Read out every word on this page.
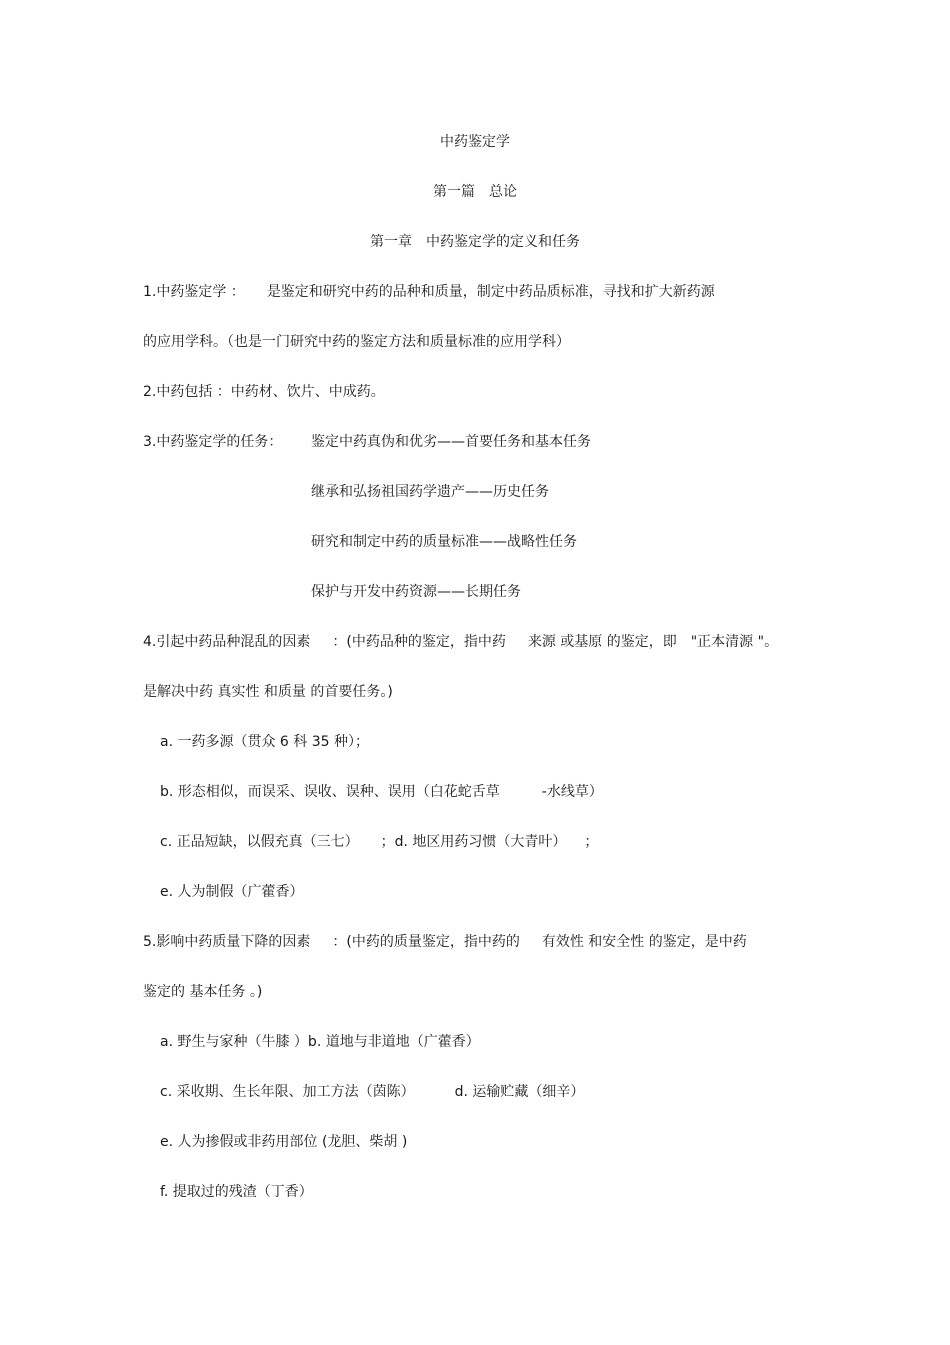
中药鉴定学
第一篇 总论
第一章 中药鉴定学的定义和任务
1.中药鉴定学 ： 是鉴定和研究中药的品种和质量，制定中药品质标准，寻找和扩大新药源
的应用学科。（也是一门研究中药的鉴定方法和质量标准的应用学科）
2.中药包括 ：中药材、饮片、中成药。
3.中药鉴定学的任务： 鉴定中药真伪和优劣——首要任务和基本任务
继承和弘扬祖国药学遗产——历史任务
研究和制定中药的质量标准——战略性任务
保护与开发中药资源——长期任务
4.引起中药品种混乱的因素 ：(中药品种的鉴定，指中药 来源 或基原 的鉴定，即 "正本清源 "。
是解决中药 真实性 和质量 的首要任务。)
a. 一药多源（贯众 6 科 35 种）；
b. 形态相似，而误采、误收、误种、误用（白花蛇舌草	-水线草）
c. 正品短缺，以假充真（三七） ；d. 地区用药习惯（大青叶） ；
e. 人为制假（广藿香）
5.影响中药质量下降的因素 ：(中药的质量鉴定，指中药的 有效性 和安全性 的鉴定，是中药
鉴定的 基本任务 。)
a. 野生与家种（牛膝 ）b. 道地与非道地（广藿香）
c. 采收期、生长年限、加工方法（茵陈）	d. 运输贮藏（细辛）
e. 人为掺假或非药用部位 (龙胆、柴胡 )
f. 提取过的残渣（丁香）
